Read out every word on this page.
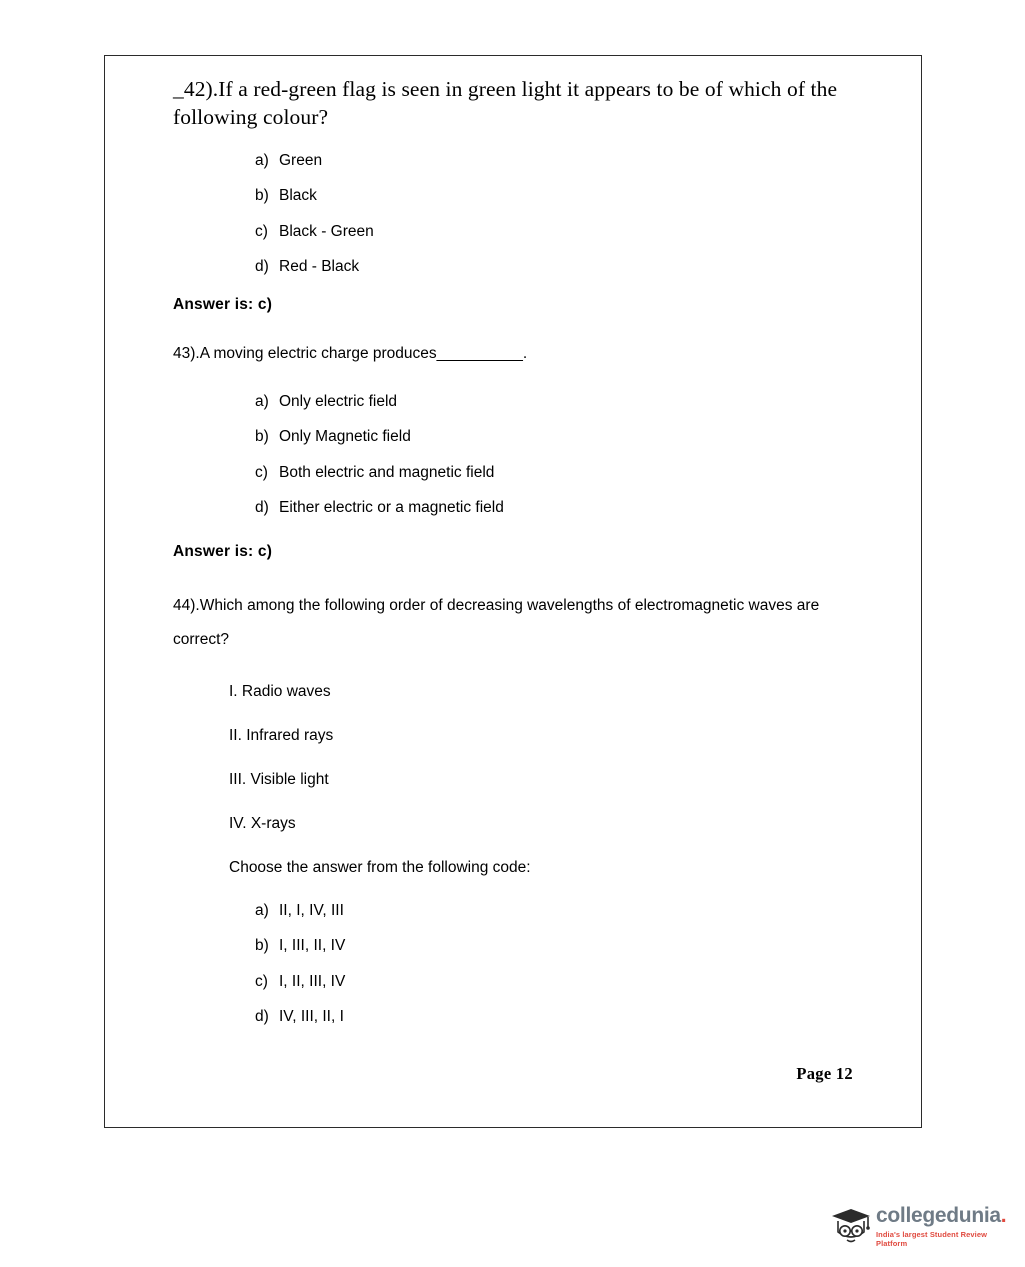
_42).If a red-green flag is seen in green light it appears to be of which of the following colour?

a) Green
b) Black
c) Black - Green
d) Red - Black

Answer is: c)

43).A moving electric charge produces__________.

a) Only electric field
b) Only Magnetic field
c) Both electric and magnetic field
d) Either electric or a magnetic field

Answer is: c)

44).Which among the following order of decreasing wavelengths of electromagnetic waves are correct?

I. Radio waves

II. Infrared rays

III. Visible light

IV. X-rays

Choose the answer from the following code:

a) II, I, IV, III
b) I, III, II, IV
c) I, II, III, IV
d) IV, III, II, I
Page 12
collegedunia.
India's largest Student Review Platform
